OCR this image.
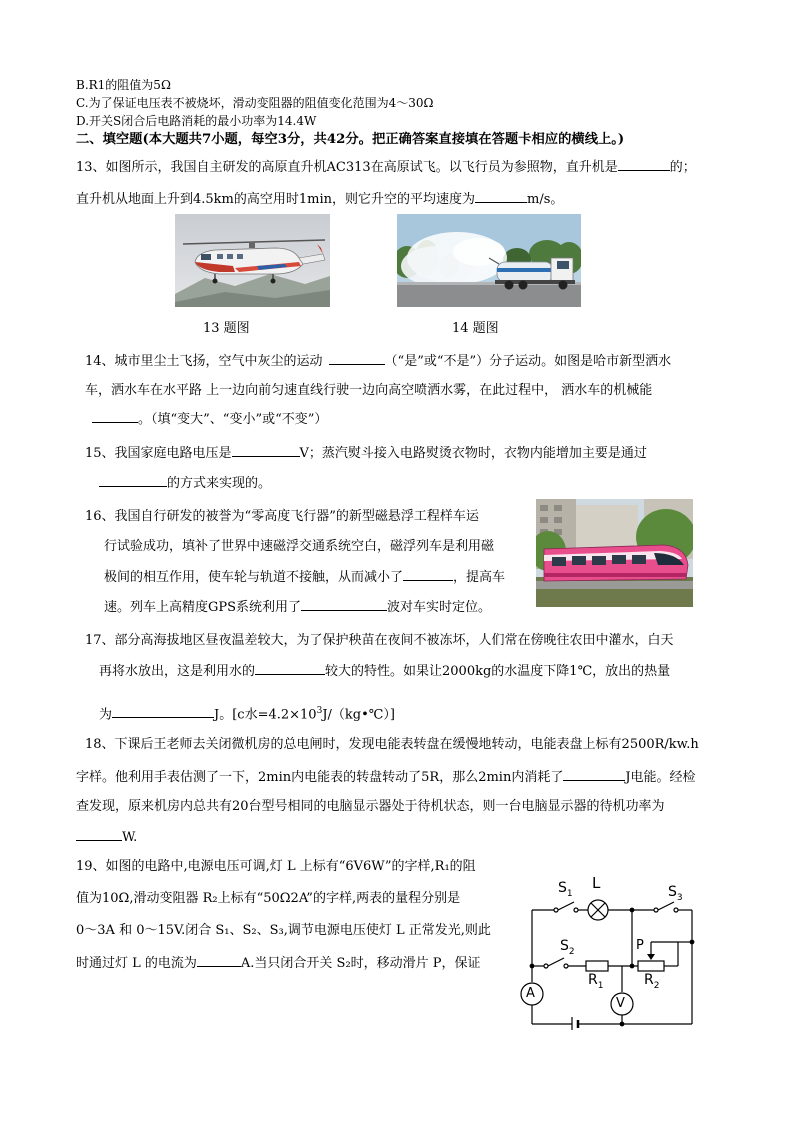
B.R1的阻值为5Ω
C.为了保证电压表不被烧坏，滑动变阻器的阻值变化范围为4～30Ω
D.开关S闭合后电路消耗的最小功率为14.4W
二、填空题(本大题共7小题，每空3分，共42分。把正确答案直接填在答题卡相应的横线上。)
13、如图所示，我国自主研发的高原直升机AC313在高原试飞。以飞行员为参照物，直升机是	的；
直升机从地面上升到4.5km的高空用时1min，则它升空的平均速度为	m/s。
13 题图	14 题图
14、城市里尘土飞扬，空气中灰尘的运动	（“是”或“不是”）分子运动。如图是哈市新型洒水
车，洒水车在水平路 上一边向前匀速直线行驶一边向高空喷洒水雾，在此过程中， 洒水车的机械能
。（填“变大”、“变小”或“不变”）
15、我国家庭电路电压是	V；蒸汽熨斗接入电路熨烫衣物时，衣物内能增加主要是通过
的方式来实现的。
16、我国自行研发的被誉为“零高度飞行器”的新型磁悬浮工程样车运
行试验成功，填补了世界中速磁浮交通系统空白，磁浮列车是利用磁
极间的相互作用，使车轮与轨道不接触，从而减小了	，提高车
速。列车上高精度GPS系统利用了	波对车实时定位。
17、部分高海拔地区昼夜温差较大，为了保护秧苗在夜间不被冻坏，人们常在傍晚往农田中灌水，白天
再将水放出，这是利用水的	较大的特性。如果让2000kg的水温度下降1℃，放出的热量
为	J。[c水$=4.2\times 10^3J/(kg•℃)$]
18、下课后王老师去关闭微机房的总电闸时，发现电能表转盘在缓慢地转动，电能表盘上标有2500R/kw.h
字样。他利用手表估测了一下，2min内电能表的转盘转动了5R，那么2min内消耗了	J电能。经检
查发现，原来机房内总共有20台型号相同的电脑显示器处于待机状态，则一台电脑显示器的待机功率为
W.
19、如图的电路中,电源电压可调,灯 L 上标有“6V6W”的字样,R₁的阻
值为10Ω,滑动变阻器 R₂上标有“50Ω2A”的字样,两表的量程分别是
0～3A 和 0～15V.闭合 S₁、S₂、S₃,调节电源电压使灯 L 正常发光,则此
时通过灯 L 的电流为	A.当只闭合开关 S₂时，移动滑片 P，保证
$S_1$
L	$S_3$
$S_2$	P
$R_1$	$R_2$
A
V
